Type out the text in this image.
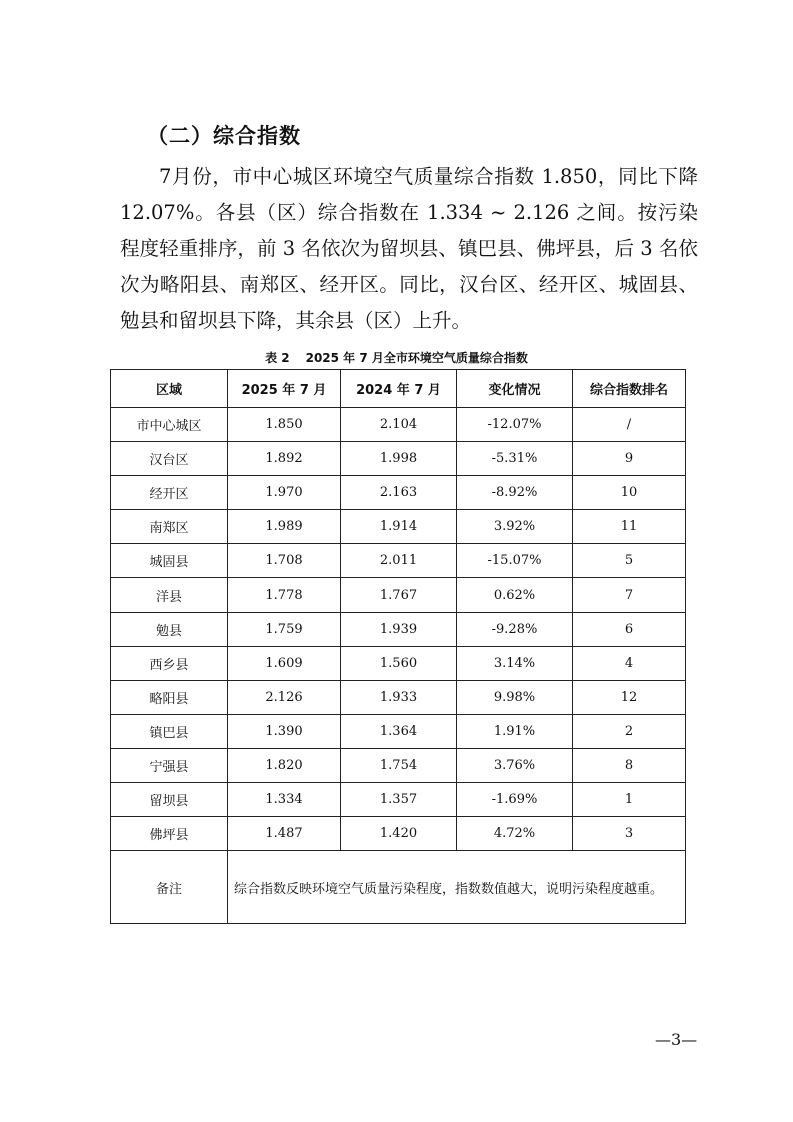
（二）综合指数

7月份，市中心城区环境空气质量综合指数 1.850，同比下降 12.07%。各县（区）综合指数在 1.334 ~ 2.126 之间。按污染程度轻重排序，前 3 名依次为留坝县、镇巴县、佛坪县，后 3 名依次为略阳县、南郑区、经开区。同比，汉台区、经开区、城固县、勉县和留坝县下降，其余县（区）上升。

表 2 2025 年 7 月全市环境空气质量综合指数
区域	2025 年 7 月	2024 年 7 月	变化情况	综合指数排名
市中心城区	1.850	2.104	-12.07%	/
汉台区	1.892	1.998	-5.31%	9
经开区	1.970	2.163	-8.92%	10
南郑区	1.989	1.914	3.92%	11
城固县	1.708	2.011	-15.07%	5
洋县	1.778	1.767	0.62%	7
勉县	1.759	1.939	-9.28%	6
西乡县	1.609	1.560	3.14%	4
略阳县	2.126	1.933	9.98%	12
镇巴县	1.390	1.364	1.91%	2
宁强县	1.820	1.754	3.76%	8
留坝县	1.334	1.357	-1.69%	1
佛坪县	1.487	1.420	4.72%	3
备注	综合指数反映环境空气质量污染程度，指数数值越大，说明污染程度越重。			
—3—
